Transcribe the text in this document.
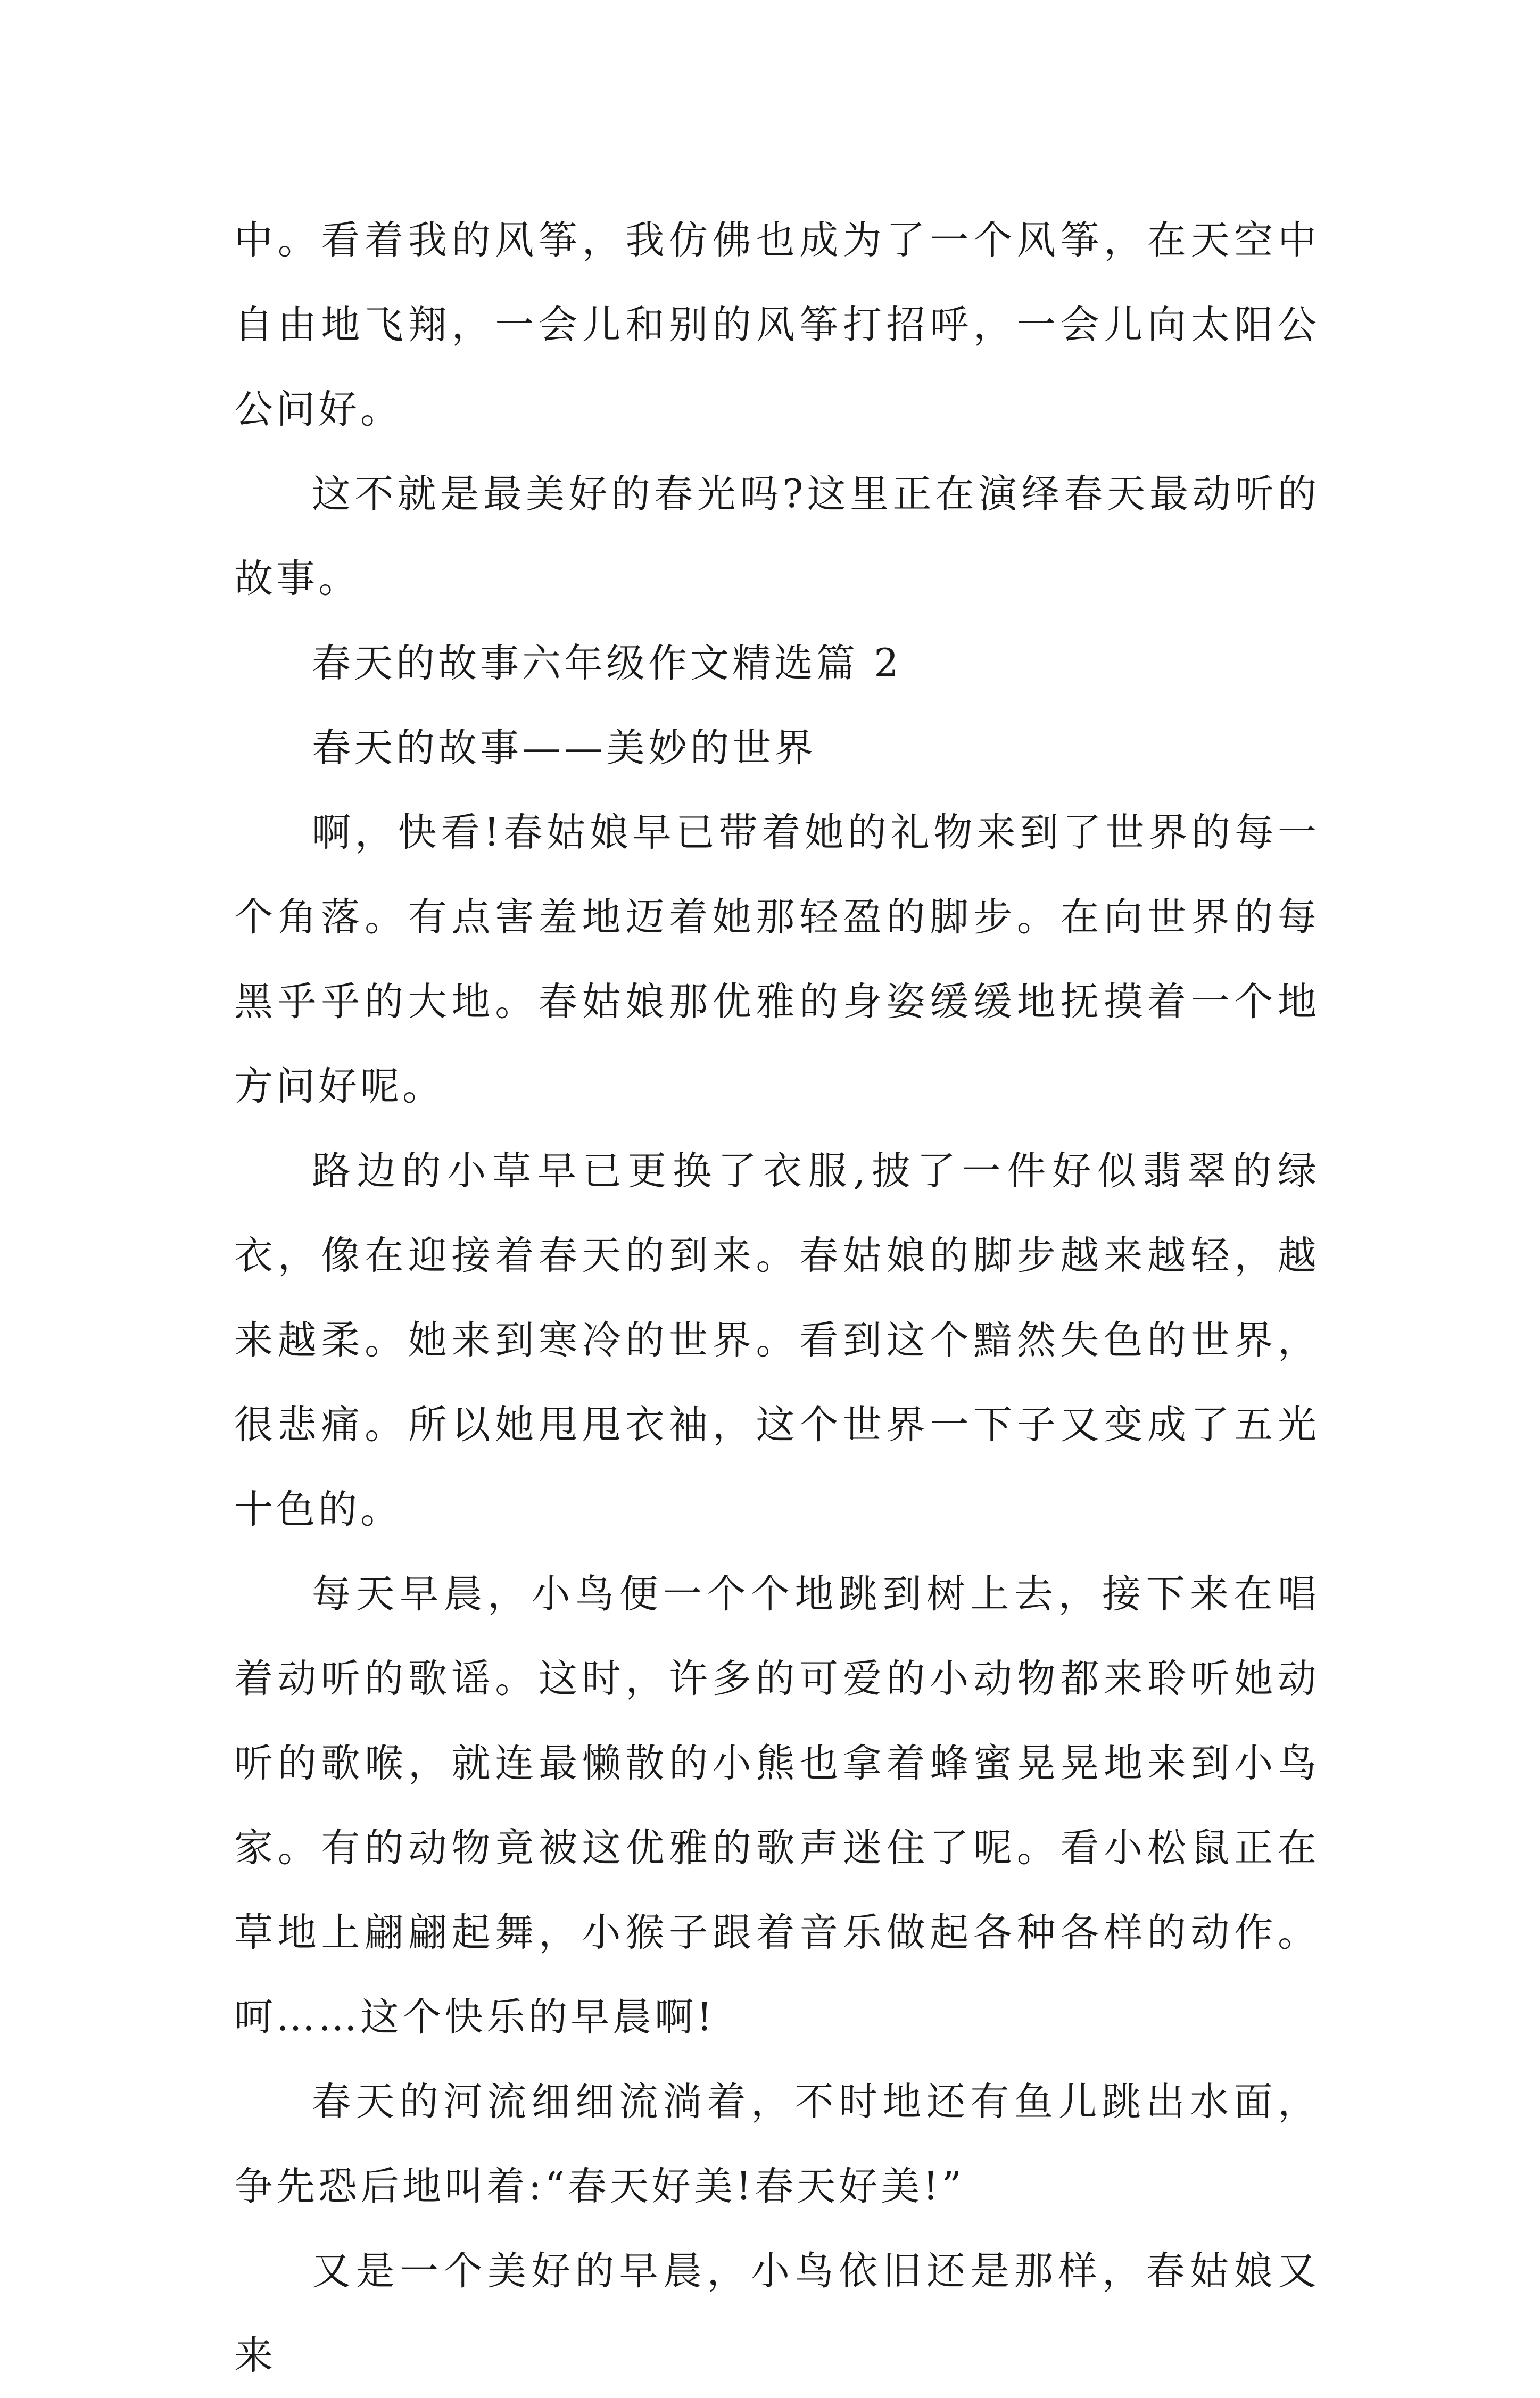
中。看着我的风筝，我仿佛也成为了一个风筝，在天空中自由地飞翔，一会儿和别的风筝打招呼，一会儿向太阳公公问好。

这不就是最美好的春光吗?这里正在演绎春天最动听的故事。

春天的故事六年级作文精选篇 2

春天的故事——美妙的世界

啊，快看!春姑娘早已带着她的礼物来到了世界的每一个角落。有点害羞地迈着她那轻盈的脚步。在向世界的每黑乎乎的大地。春姑娘那优雅的身姿缓缓地抚摸着一个地方问好呢。

路边的小草早已更换了衣服,披了一件好似翡翠的绿衣，像在迎接着春天的到来。春姑娘的脚步越来越轻，越来越柔。她来到寒冷的世界。看到这个黯然失色的世界，很悲痛。所以她甩甩衣袖，这个世界一下子又变成了五光十色的。

每天早晨，小鸟便一个个地跳到树上去，接下来在唱着动听的歌谣。这时，许多的可爱的小动物都来聆听她动听的歌喉，就连最懒散的小熊也拿着蜂蜜晃晃地来到小鸟家。有的动物竟被这优雅的歌声迷住了呢。看小松鼠正在草地上翩翩起舞，小猴子跟着音乐做起各种各样的动作。呵……这个快乐的早晨啊!

春天的河流细细流淌着，不时地还有鱼儿跳出水面，争先恐后地叫着:“春天好美!春天好美!”

又是一个美好的早晨，小鸟依旧还是那样，春姑娘又来
